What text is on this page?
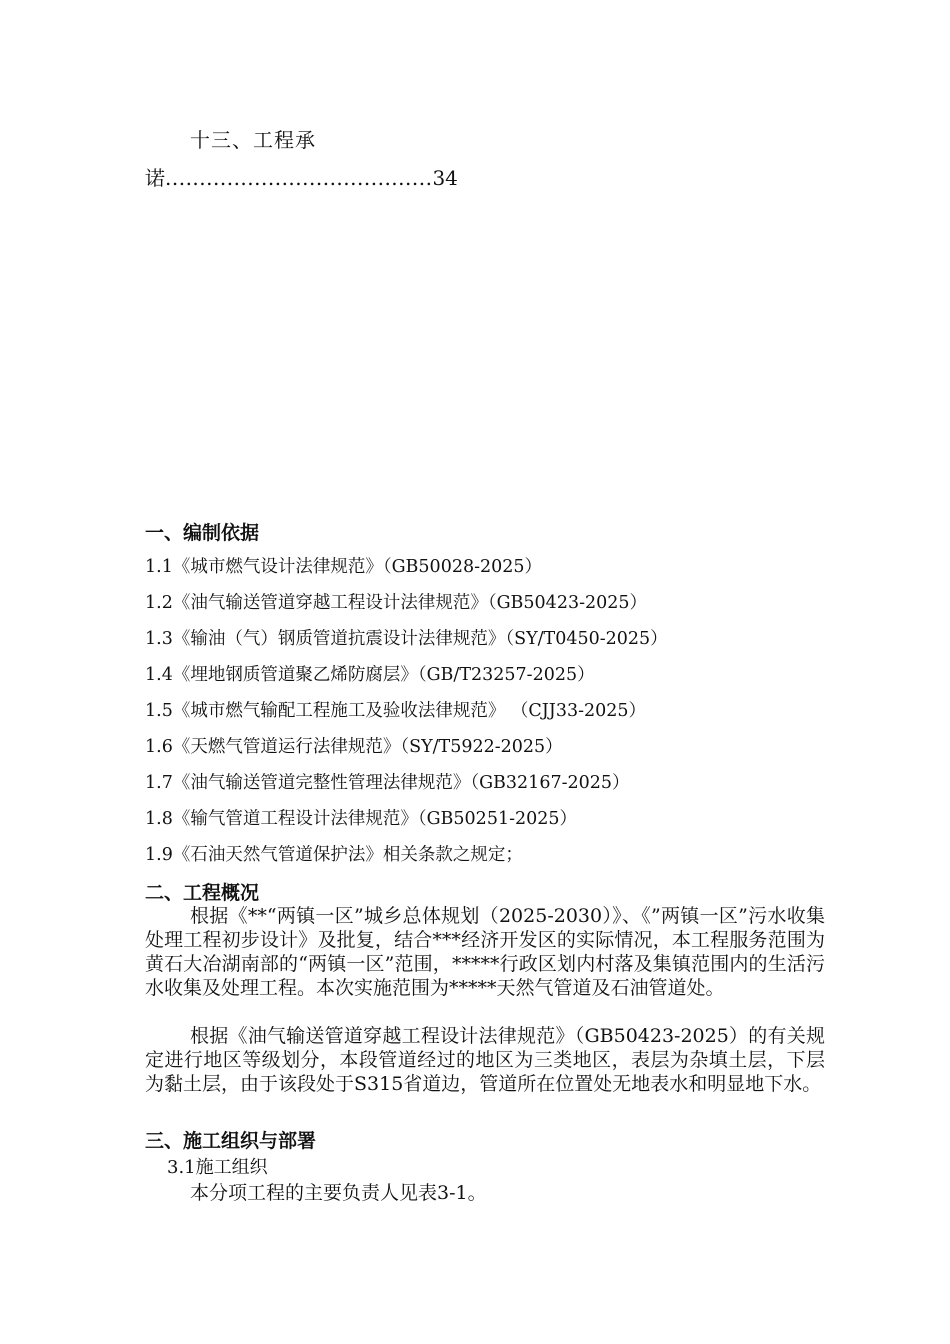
十三、工程承
诺.......................................34
一、编制依据
1.1《城市燃气设计法律规范》（GB50028-2025）
1.2《油气输送管道穿越工程设计法律规范》（GB50423-2025）
1.3《输油（气）钢质管道抗震设计法律规范》（SY/T0450-2025）
1.4《埋地钢质管道聚乙烯防腐层》（GB/T23257-2025）
1.5《城市燃气输配工程施工及验收法律规范》 （CJJ33-2025）
1.6《天燃气管道运行法律规范》（SY/T5922-2025）
1.7《油气输送管道完整性管理法律规范》（GB32167-2025）
1.8《输气管道工程设计法律规范》（GB50251-2025）
1.9《石油天然气管道保护法》相关条款之规定；
二、工程概况

根据《**“两镇一区”城乡总体规划（2025-2030）》、《”两镇一区”污水收集处理工程初步设计》及批复，结合***经济开发区的实际情况，本工程服务范围为黄石大冶湖南部的“两镇一区”范围，*****行政区划内村落及集镇范围内的生活污水收集及处理工程。本次实施范围为*****天然气管道及石油管道处。

根据《油气输送管道穿越工程设计法律规范》（GB50423-2025）的有关规定进行地区等级划分，本段管道经过的地区为三类地区，表层为杂填土层，下层为黏土层，由于该段处于S315省道边，管道所在位置处无地表水和明显地下水。

三、施工组织与部署
3.1施工组织
本分项工程的主要负责人见表3-1。
